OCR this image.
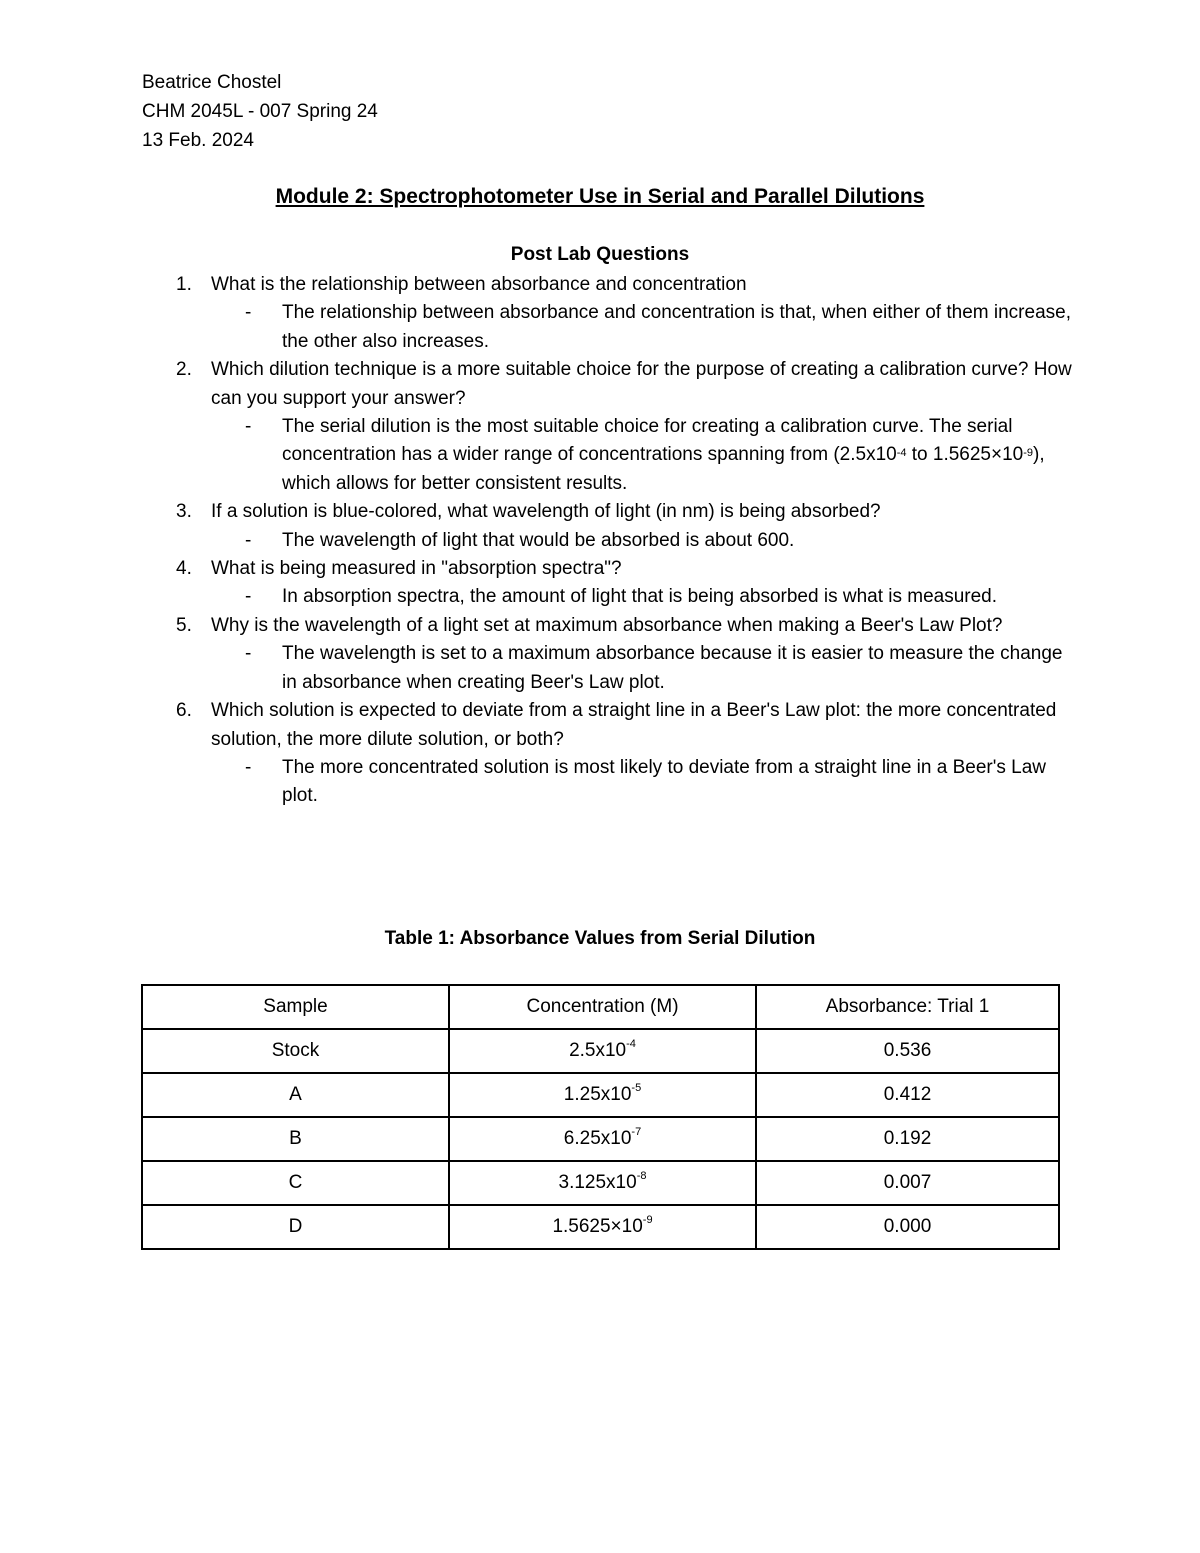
Beatrice Chostel
CHM 2045L - 007 Spring 24
13 Feb. 2024
Module 2: Spectrophotometer Use in Serial and Parallel Dilutions
Post Lab Questions
1. What is the relationship between absorbance and concentration
- The relationship between absorbance and concentration is that, when either of them increase, the other also increases.
2. Which dilution technique is a more suitable choice for the purpose of creating a calibration curve? How can you support your answer?
- The serial dilution is the most suitable choice for creating a calibration curve. The serial concentration has a wider range of concentrations spanning from ($2.5x10^{-4}$ to $1.5625\times 10^{-9}$), which allows for better consistent results.
3. If a solution is blue-colored, what wavelength of light (in nm) is being absorbed?
- The wavelength of light that would be absorbed is about 600.
4. What is being measured in "absorption spectra"?
- In absorption spectra, the amount of light that is being absorbed is what is measured.
5. Why is the wavelength of a light set at maximum absorbance when making a Beer's Law Plot?
- The wavelength is set to a maximum absorbance because it is easier to measure the change in absorbance when creating Beer's Law plot.
6. Which solution is expected to deviate from a straight line in a Beer's Law plot: the more concentrated solution, the more dilute solution, or both?
- The more concentrated solution is most likely to deviate from a straight line in a Beer's Law plot.
Table 1: Absorbance Values from Serial Dilution
Sample	Concentration (M)	Absorbance: Trial 1
Stock	$2.5x10^{-4}$	0.536
A	$1.25x10^{-5}$	0.412
B	$6.25x10^{-7}$	0.192
C	$3.125x10^{-8}$	0.007
D	$1.5625\times 10^{-9}$	0.000
